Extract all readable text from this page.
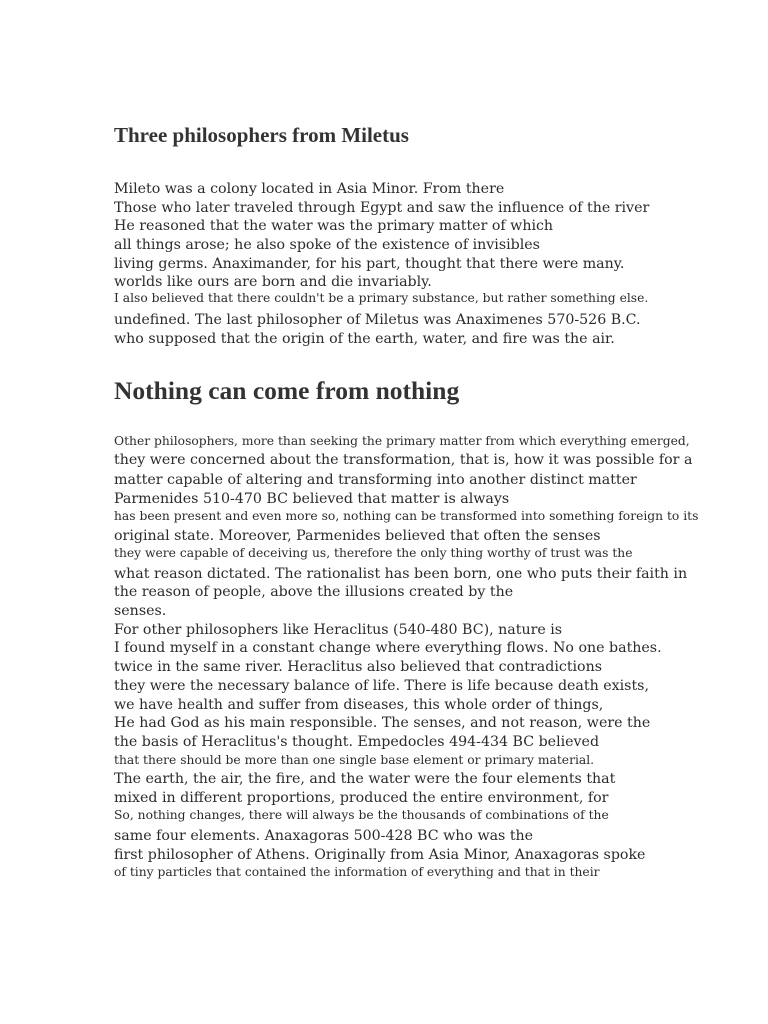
Three philosophers from Miletus

Mileto was a colony located in Asia Minor. From there

Those who later traveled through Egypt and saw the influence of the river

He reasoned that the water was the primary matter of which

all things arose; he also spoke of the existence of invisibles

living germs. Anaximander, for his part, thought that there were many.

worlds like ours are born and die invariably.

I also believed that there couldn't be a primary substance, but rather something else.

undefined. The last philosopher of Miletus was Anaximenes 570-526 B.C.

who supposed that the origin of the earth, water, and fire was the air.

Nothing can come from nothing

Other philosophers, more than seeking the primary matter from which everything emerged,

they were concerned about the transformation, that is, how it was possible for a

matter capable of altering and transforming into another distinct matter

Parmenides 510-470 BC believed that matter is always

has been present and even more so, nothing can be transformed into something foreign to its

original state. Moreover, Parmenides believed that often the senses

they were capable of deceiving us, therefore the only thing worthy of trust was the

what reason dictated. The rationalist has been born, one who puts their faith in

the reason of people, above the illusions created by the

senses.

For other philosophers like Heraclitus (540-480 BC), nature is

I found myself in a constant change where everything flows. No one bathes.

twice in the same river. Heraclitus also believed that contradictions

they were the necessary balance of life. There is life because death exists,

we have health and suffer from diseases, this whole order of things,

He had God as his main responsible. The senses, and not reason, were the

the basis of Heraclitus's thought. Empedocles 494-434 BC believed

that there should be more than one single base element or primary material.

The earth, the air, the fire, and the water were the four elements that

mixed in different proportions, produced the entire environment, for

So, nothing changes, there will always be the thousands of combinations of the

same four elements. Anaxagoras 500-428 BC who was the

first philosopher of Athens. Originally from Asia Minor, Anaxagoras spoke

of tiny particles that contained the information of everything and that in their
